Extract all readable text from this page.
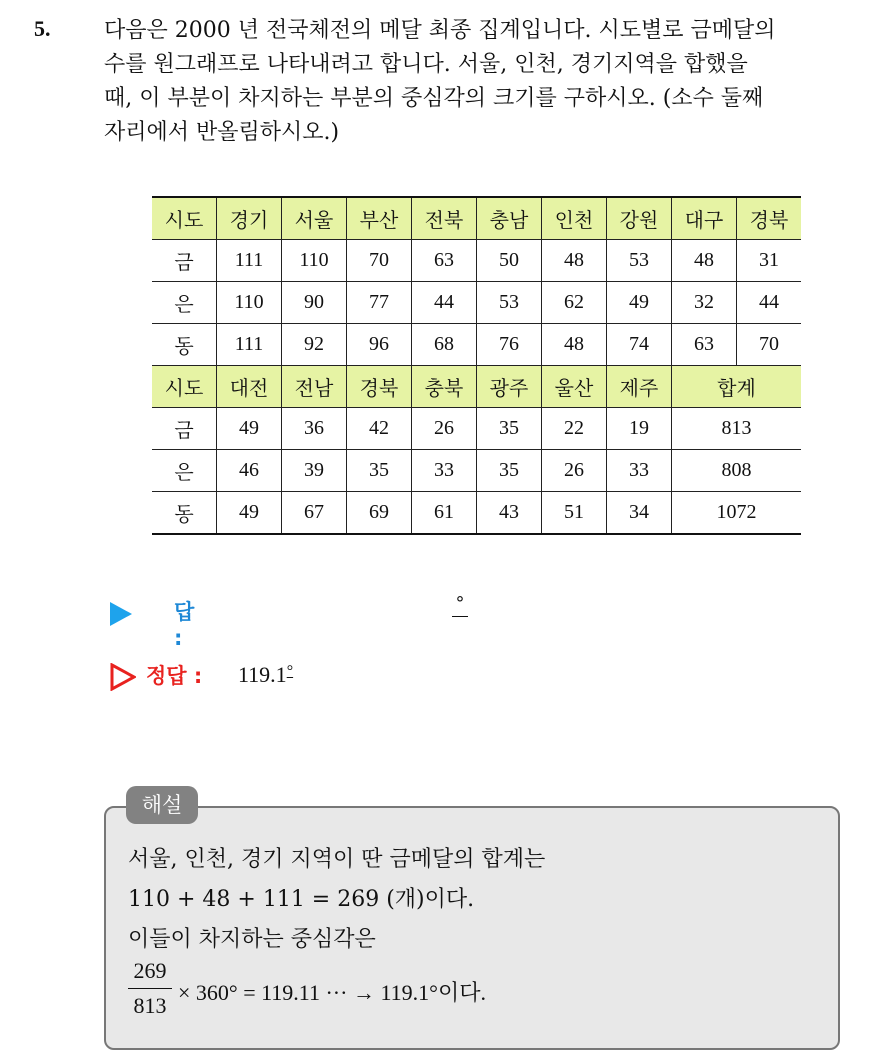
5. 다음은 2000 년 전국체전의 메달 최종 집계입니다. 시도별로 금메달의

수를 원그래프로 나타내려고 합니다. 서울, 인천, 경기지역을 합했을

때, 이 부분이 차지하는 부분의 중심각의 크기를 구하시오. (소수 둘째

자리에서 반올림하시오.)

시도	경기	서울	부산	전북	충남	인천	강원	대구	경북
금	111	110	70	63	50	48	53	48	31
은	110	90	77	44	53	62	49	32	44
동	111	92	96	68	76	48	74	63	70
시도	대전	전남	경북	충북	광주	울산	제주	합계	
금	49	36	42	26	35	22	19	813	
은	46	39	35	33	35	26	33	808	
동	49	67	69	61	43	51	34	1072	
답 :
°
정답 : 119.1°
해설

서울, 인천, 경기 지역이 딴 금메달의 합계는

110 + 48 + 111 = 269 (개)이다.

이들이 차지하는 중심각은

269
813
× 360° = 119.11 ··· → 119.1°이다.
